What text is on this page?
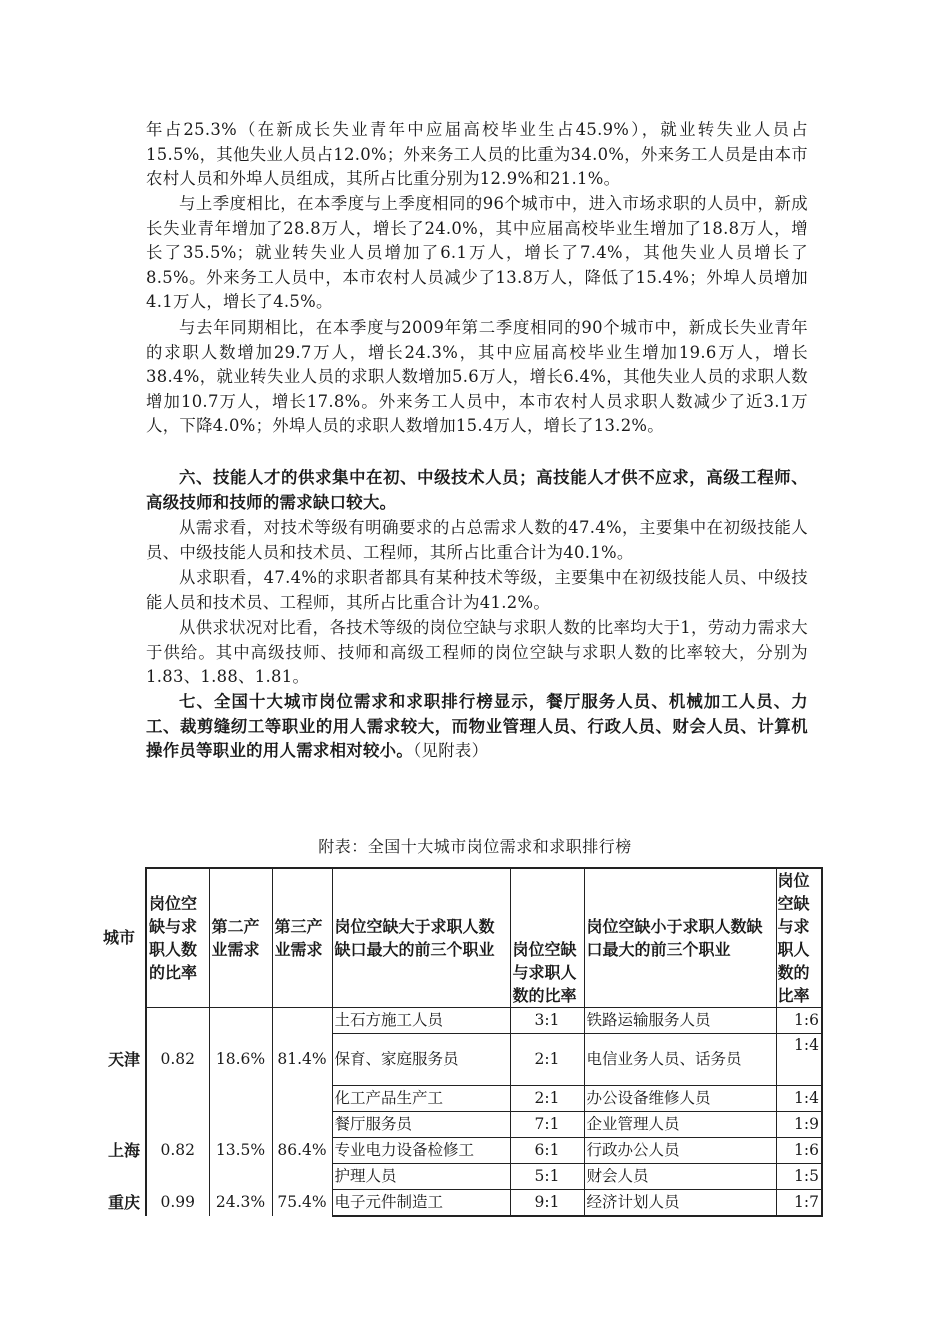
年占25.3%（在新成长失业青年中应届高校毕业生占45.9%），就业转失业人员占15.5%，其他失业人员占12.0%；外来务工人员的比重为34.0%，外来务工人员是由本市农村人员和外埠人员组成，其所占比重分别为12.9%和21.1%。

与上季度相比，在本季度与上季度相同的96个城市中，进入市场求职的人员中，新成长失业青年增加了28.8万人，增长了24.0%，其中应届高校毕业生增加了18.8万人，增长了35.5%；就业转失业人员增加了6.1万人，增长了7.4%，其他失业人员增长了8.5%。外来务工人员中，本市农村人员减少了13.8万人，降低了15.4%；外埠人员增加4.1万人，增长了4.5%。

与去年同期相比，在本季度与2009年第二季度相同的90个城市中，新成长失业青年的求职人数增加29.7万人，增长24.3%，其中应届高校毕业生增加19.6万人，增长38.4%，就业转失业人员的求职人数增加5.6万人，增长6.4%，其他失业人员的求职人数增加10.7万人，增长17.8%。外来务工人员中，本市农村人员求职人数减少了近3.1万人，下降4.0%；外埠人员的求职人数增加15.4万人，增长了13.2%。

六、技能人才的供求集中在初、中级技术人员；高技能人才供不应求，高级工程师、高级技师和技师的需求缺口较大。

从需求看，对技术等级有明确要求的占总需求人数的47.4%，主要集中在初级技能人员、中级技能人员和技术员、工程师，其所占比重合计为40.1%。

从求职看，47.4%的求职者都具有某种技术等级，主要集中在初级技能人员、中级技能人员和技术员、工程师，其所占比重合计为41.2%。

从供求状况对比看，各技术等级的岗位空缺与求职人数的比率均大于1，劳动力需求大于供给。其中高级技师、技师和高级工程师的岗位空缺与求职人数的比率较大，分别为1.83、1.88、1.81。

七、全国十大城市岗位需求和求职排行榜显示，餐厅服务人员、机械加工人员、力工、裁剪缝纫工等职业的用人需求较大，而物业管理人员、行政人员、财会人员、计算机操作员等职业的用人需求相对较小。（见附表）

附表：全国十大城市岗位需求和求职排行榜
城市	岗位空缺与求职人数的比率	第二产业需求	第三产业需求	岗位空缺大于求职人数缺口最大的前三个职业	岗位空缺与求职人数的比率	岗位空缺小于求职人数缺口最大的前三个职业	岗位空缺与求职人数的比率
天津	0.82	18.6%	81.4%	土石方施工人员	3:1	铁路运输服务人员	1:6
				保育、家庭服务员	2:1	电信业务人员、话务员	1:4
				化工产品生产工	2:1	办公设备维修人员	1:4
上海	0.82	13.5%	86.4%	餐厅服务员	7:1	企业管理人员	1:9
				专业电力设备检修工	6:1	行政办公人员	1:6
				护理人员	5:1	财会人员	1:5
重庆	0.99	24.3%	75.4%	电子元件制造工	9:1	经济计划人员	1:7
